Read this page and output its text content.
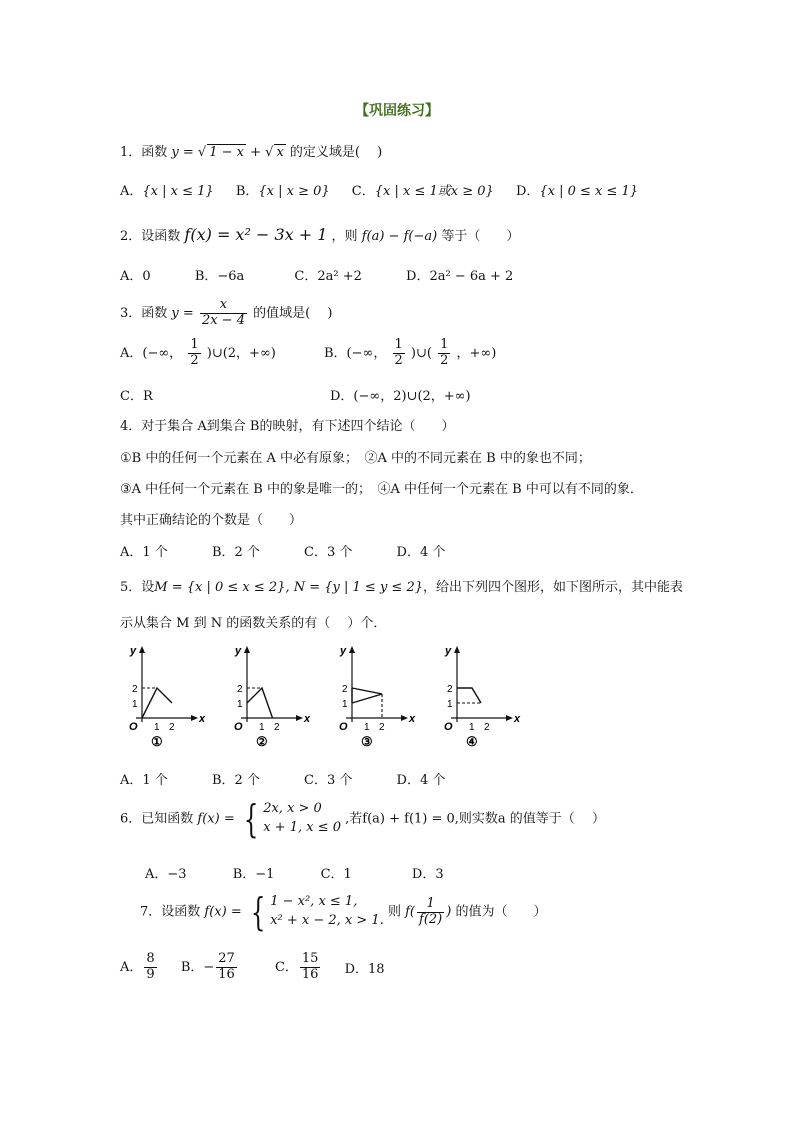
【巩固练习】
1．函数 y = √ 1 − x + √ x 的定义域是(　 )
A．{x | x ≤ 1} B．{x | x ≥ 0} C．{x | x ≤ 1或x ≥ 0} D．{x | 0 ≤ x ≤ 1}
2．设函数 f(x) = x² − 3x + 1 ，则 f(a) − f(−a) 等于（　　）
A．0	B．−6a	C．2a² +2	D．2a² − 6a + 2
3．函数 $y = \frac{x}{2x - 4}$ 的值域是(　 )
A．(−∞， $\frac{1}{2}$ )∪(2，+∞)	B．(−∞， $\frac{1}{2}$ )∪( $\frac{1}{2}$ ，+∞)
C．R	D．(−∞，2)∪(2，+∞)
4．对于集合 A到集合 B的映射，有下述四个结论（　　）
①B 中的任何一个元素在 A 中必有原象；　②A 中的不同元素在 B 中的象也不同；
③A 中任何一个元素在 B 中的象是唯一的；　④A 中任何一个元素在 B 中可以有不同的象．
其中正确结论的个数是（　　）
A．1 个	B．2 个	C．3 个	D．4 个
5．设M = {x | 0 ≤ x ≤ 2}, N = {y | 1 ≤ y ≤ 2}，给出下列四个图形，如下图所示，其中能表
示从集合 M 到 N 的函数关系的有（　 ）个．
y
x
O 1 2
1
2
①
y
x
O 1 2
1
2
②
y
x
O 1 2
1
2
③
y
x
O 1 2
1
2
④
A．1 个	B．2 个	C．3 个	D．4 个
6．已知函数 f(x) = { 2x, x > 0
x + 1, x ≤ 0
,若f(a) + f(1) = 0,则实数a 的值等于（　 ）
A．−3	B．−1	C．1	D．3
7．设函数 f(x) = { 1 − x², x ≤ 1,
x² + x − 2, x > 1.
则 $f( \frac{1}{f(2)}$ ) 的值为（　　）
A． $\frac{8}{9}$ B．− $\frac{27}{16}$	C． $\frac{15}{16}$ D．18
